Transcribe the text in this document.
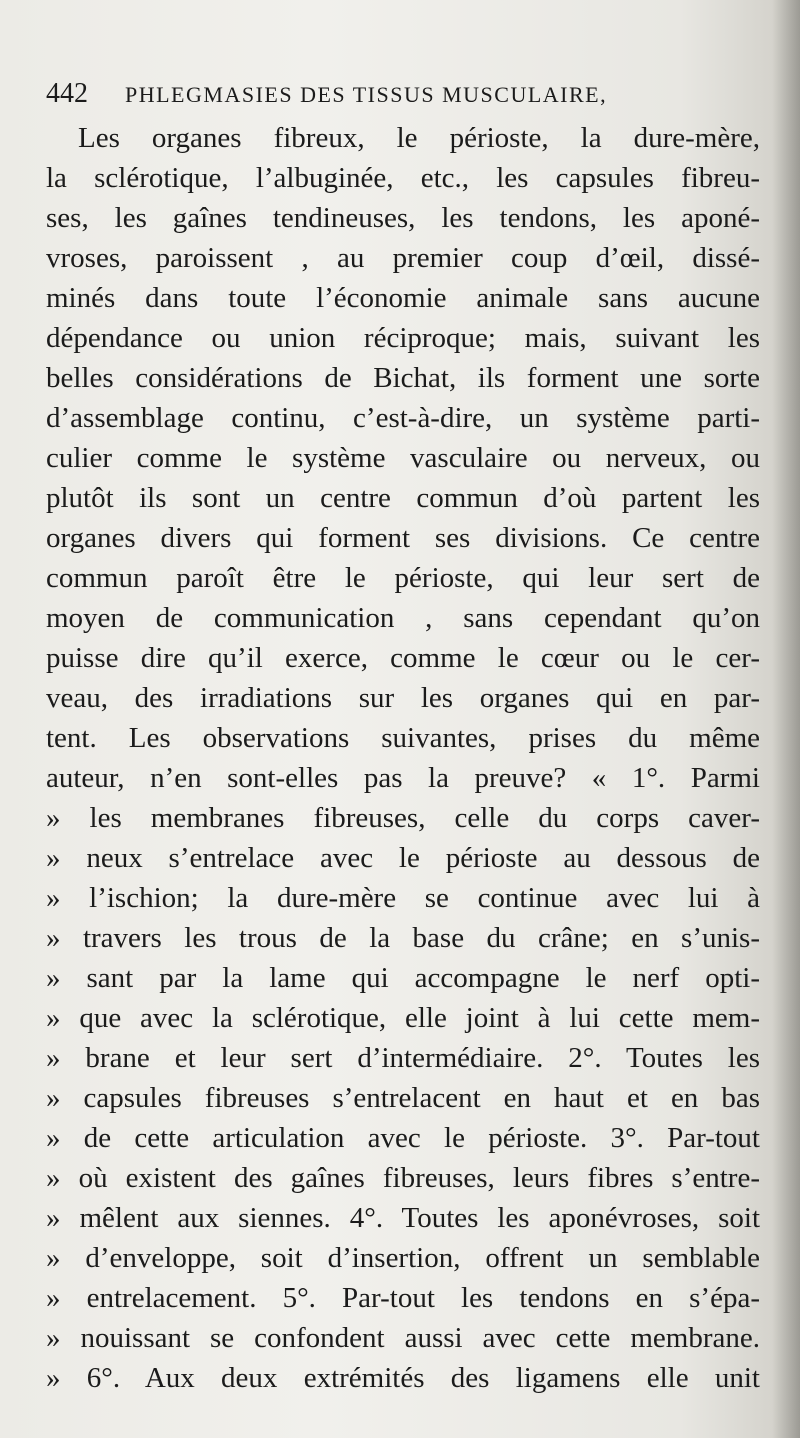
442 PHLEGMASIES DES TISSUS MUSCULAIRE,
Les organes fibreux, le périoste, la dure-mère,
la sclérotique, l’albuginée, etc., les capsules fibreu-
ses, les gaînes tendineuses, les tendons, les aponé-
vroses, paroissent , au premier coup d’œil, dissé-
minés dans toute l’économie animale sans aucune
dépendance ou union réciproque; mais, suivant les
belles considérations de Bichat, ils forment une sorte
d’assemblage continu, c’est-à-dire, un système parti-
culier comme le système vasculaire ou nerveux, ou
plutôt ils sont un centre commun d’où partent les
organes divers qui forment ses divisions. Ce centre
commun paroît être le périoste, qui leur sert de
moyen de communication , sans cependant qu’on
puisse dire qu’il exerce, comme le cœur ou le cer-
veau, des irradiations sur les organes qui en par-
tent. Les observations suivantes, prises du même
auteur, n’en sont-elles pas la preuve? « 1°. Parmi
» les membranes fibreuses, celle du corps caver-
» neux s’entrelace avec le périoste au dessous de
» l’ischion; la dure-mère se continue avec lui à
» travers les trous de la base du crâne; en s’unis-
» sant par la lame qui accompagne le nerf opti-
» que avec la sclérotique, elle joint à lui cette mem-
» brane et leur sert d’intermédiaire. 2°. Toutes les
» capsules fibreuses s’entrelacent en haut et en bas
» de cette articulation avec le périoste. 3°. Par-tout
» où existent des gaînes fibreuses, leurs fibres s’entre-
» mêlent aux siennes. 4°. Toutes les aponévroses, soit
» d’enveloppe, soit d’insertion, offrent un semblable
» entrelacement. 5°. Par-tout les tendons en s’épa-
» nouissant se confondent aussi avec cette membrane.
» 6°. Aux deux extrémités des ligamens elle unit
